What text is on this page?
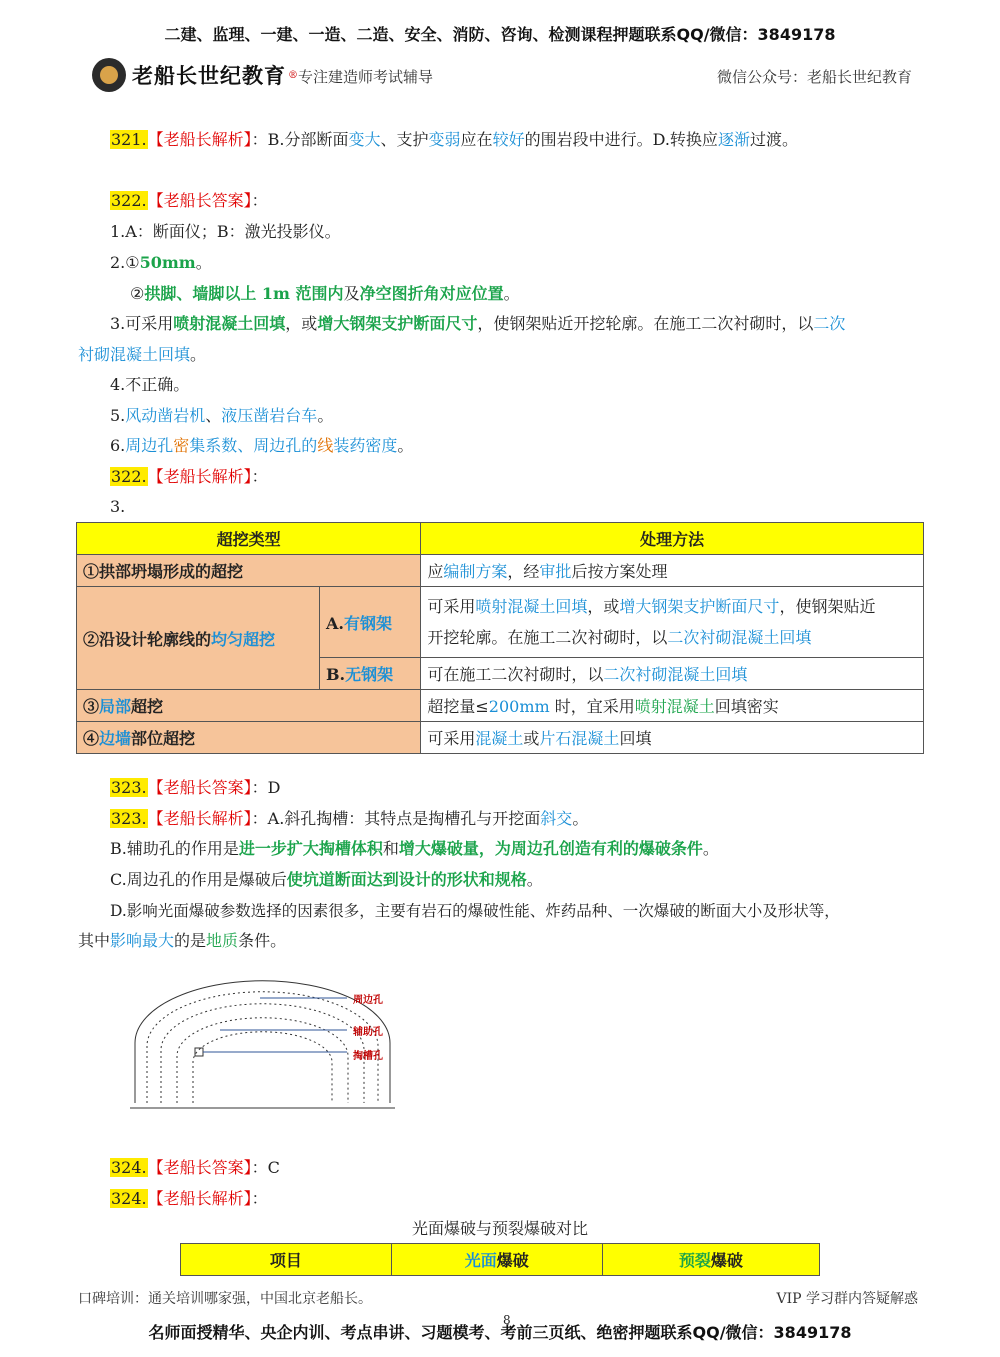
二建、监理、一建、一造、二造、安全、消防、咨询、检测课程押题联系QQ/微信：3849178
老船长世纪教育 ® 专注建造师考试辅导	微信公众号：老船长世纪教育
321.【老船长解析】：B.分部断面变大、支护变弱应在较好的围岩段中进行。D.转换应逐渐过渡。
322.【老船长答案】：
1.A：断面仪；B：激光投影仪。
2.①50mm。
②拱脚、墙脚以上 1m 范围内及净空图折角对应位置。
3.可采用喷射混凝土回填，或增大钢架支护断面尺寸，使钢架贴近开挖轮廓。在施工二次衬砌时，以二次
衬砌混凝土回填。
4.不正确。
5.风动凿岩机、液压凿岩台车。
6.周边孔密集系数、周边孔的线装药密度。
322.【老船长解析】：
3.
超挖类型		处理方法
①拱部坍塌形成的超挖		应编制方案，经审批后按方案处理
②沿设计轮廓线的均匀超挖	A.有钢架	可采用喷射混凝土回填，或增大钢架支护断面尺寸，使钢架贴近
开挖轮廓。在施工二次衬砌时，以二次衬砌混凝土回填
	B.无钢架	可在施工二次衬砌时，以二次衬砌混凝土回填
③局部超挖		超挖量≤200mm 时，宜采用喷射混凝土回填密实
④边墙部位超挖		可采用混凝土或片石混凝土回填
323.【老船长答案】：D
323.【老船长解析】：A.斜孔掏槽：其特点是掏槽孔与开挖面斜交。
B.辅助孔的作用是进一步扩大掏槽体积和增大爆破量，为周边孔创造有利的爆破条件。
C.周边孔的作用是爆破后使坑道断面达到设计的形状和规格。
D.影响光面爆破参数选择的因素很多，主要有岩石的爆破性能、炸药品种、一次爆破的断面大小及形状等，
其中影响最大的是地质条件。
周边孔
辅助孔
掏槽孔
324.【老船长答案】：C
324.【老船长解析】：
光面爆破与预裂爆破对比
项目	光面爆破	预裂爆破
口碑培训：通关培训哪家强，中国北京老船长。	VIP 学习群内答疑解惑
8
名师面授精华、央企内训、考点串讲、习题模考、考前三页纸、绝密押题联系QQ/微信：3849178
